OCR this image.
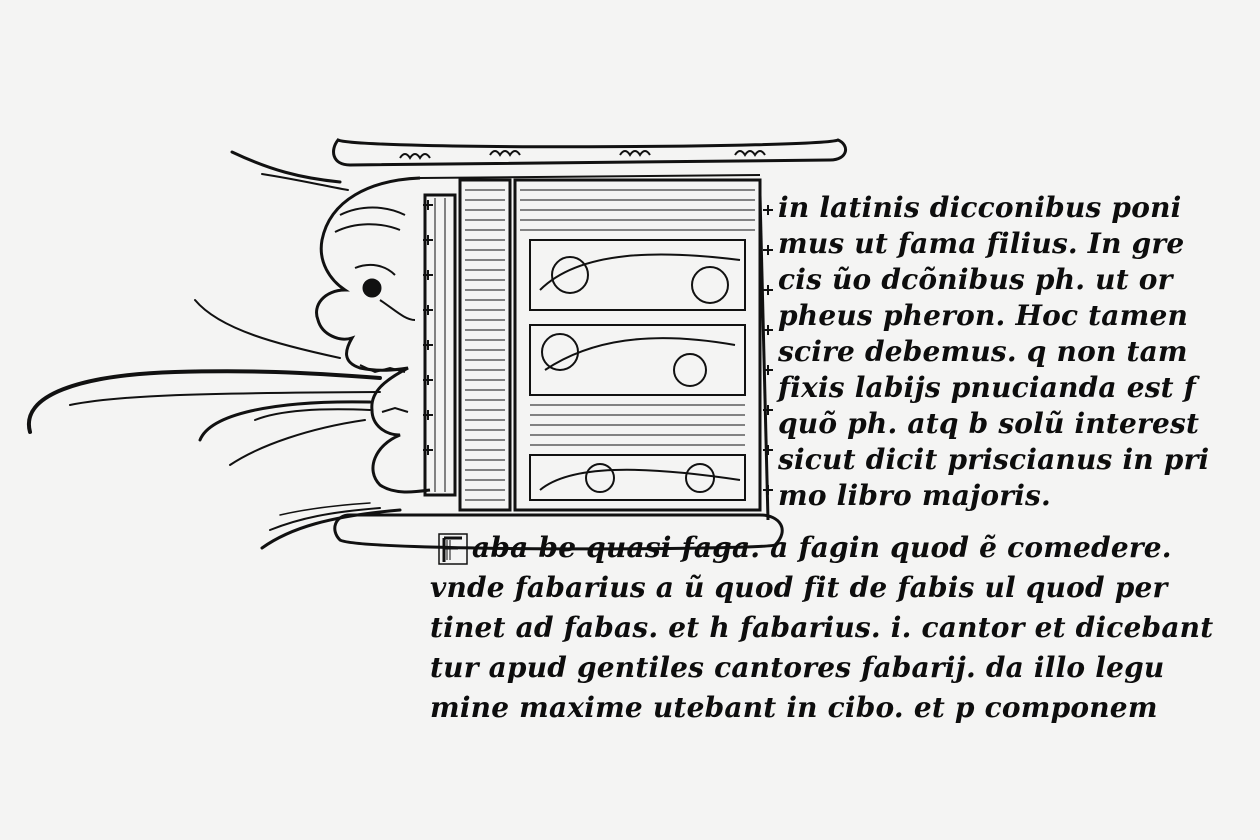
in latinis dicconibus poni
mus ut fama filius. In gre
cis ũo dcõnibus ph. ut or
pheus pheron. Hoc tamen
scire debemus. q non tam
fixis labijs pnucianda est f
quõ ph. atq b solũ interest
sicut dicit priscianus in pri
mo libro majoris.
aba be quasi faga. a fagin quod ẽ comedere.
vnde fabarius a ũ quod fit de fabis ul quod per
tinet ad fabas. et h fabarius. i. cantor et dicebant
tur apud gentiles cantores fabarij. da illo legu
mine maxime utebant in cibo. et p componem
